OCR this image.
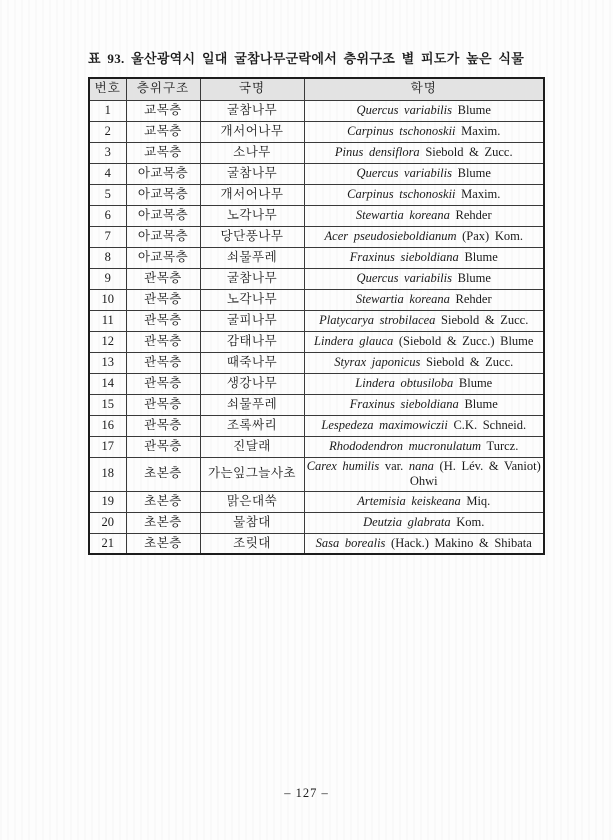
표 93. 울산광역시 일대 굴참나무군락에서 층위구조 별 피도가 높은 식물
번호	층위구조	국명	학명
1	교목층	굴참나무	Quercus variabilis Blume
2	교목층	개서어나무	Carpinus tschonoskii Maxim.
3	교목층	소나무	Pinus densiflora Siebold & Zucc.
4	아교목층	굴참나무	Quercus variabilis Blume
5	아교목층	개서어나무	Carpinus tschonoskii Maxim.
6	아교목층	노각나무	Stewartia koreana Rehder
7	아교목층	당단풍나무	Acer pseudosieboldianum (Pax) Kom.
8	아교목층	쇠물푸레	Fraxinus sieboldiana Blume
9	관목층	굴참나무	Quercus variabilis Blume
10	관목층	노각나무	Stewartia koreana Rehder
11	관목층	굴피나무	Platycarya strobilacea Siebold & Zucc.
12	관목층	감태나무	Lindera glauca (Siebold & Zucc.) Blume
13	관목층	때죽나무	Styrax japonicus Siebold & Zucc.
14	관목층	생강나무	Lindera obtusiloba Blume
15	관목층	쇠물푸레	Fraxinus sieboldiana Blume
16	관목층	조록싸리	Lespedeza maximowiczii C.K. Schneid.
17	관목층	진달래	Rhododendron mucronulatum Turcz.
18	초본층	가는잎그늘사초	Carex humilis var. nana (H. Lév. & Vaniot) Ohwi
19	초본층	맑은대쑥	Artemisia keiskeana Miq.
20	초본층	물참대	Deutzia glabrata Kom.
21	초본층	조릿대	Sasa borealis (Hack.) Makino & Shibata
– 127 –
